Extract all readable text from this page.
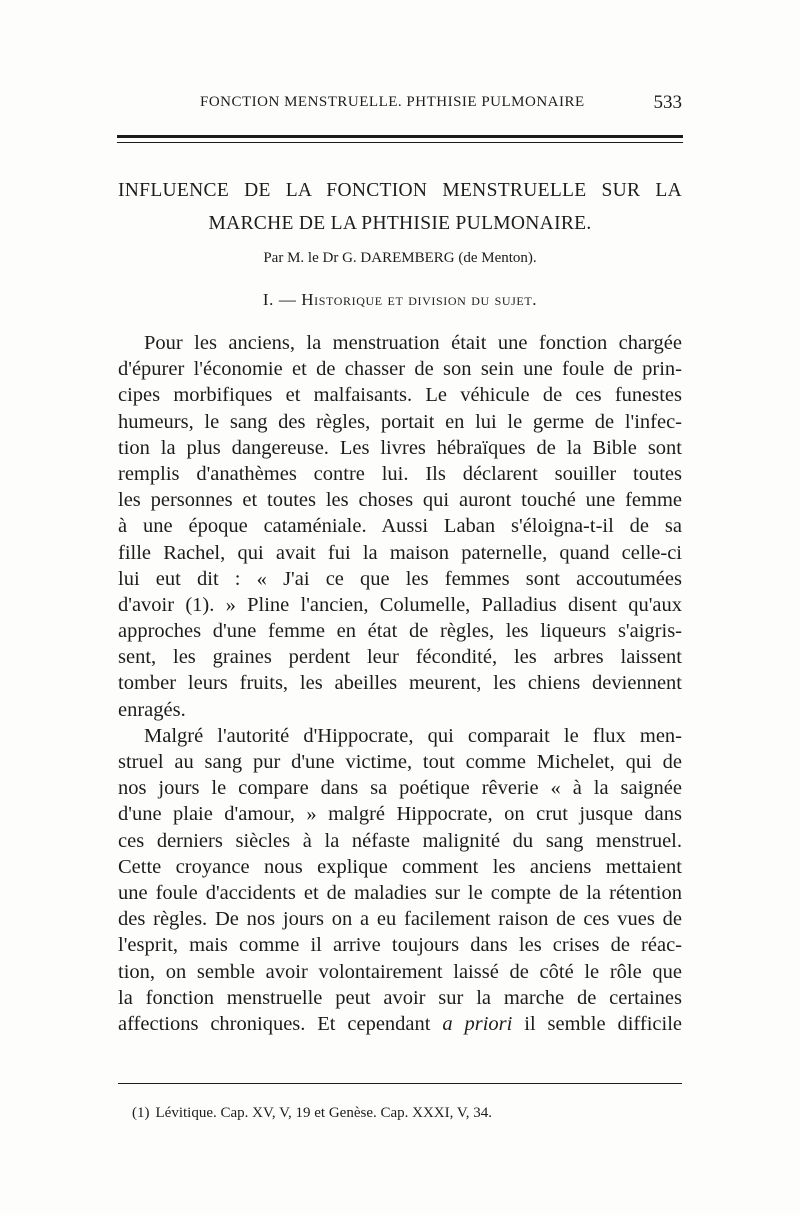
FONCTION MENSTRUELLE. PHTHISIE PULMONAIRE	533
INFLUENCE DE LA FONCTION MENSTRUELLE SUR LA
MARCHE DE LA PHTHISIE PULMONAIRE.
Par M. le Dr G. DAREMBERG (de Menton).
I. — Historique et division du sujet.
Pour les anciens, la menstruation était une fonction chargée
d'épurer l'économie et de chasser de son sein une foule de prin-
cipes morbifiques et malfaisants. Le véhicule de ces funestes
humeurs, le sang des règles, portait en lui le germe de l'infec-
tion la plus dangereuse. Les livres hébraïques de la Bible sont
remplis d'anathèmes contre lui. Ils déclarent souiller toutes
les personnes et toutes les choses qui auront touché une femme
à une époque cataméniale. Aussi Laban s'éloigna-t-il de sa
fille Rachel, qui avait fui la maison paternelle, quand celle-ci
lui eut dit : « J'ai ce que les femmes sont accoutumées
d'avoir (1). » Pline l'ancien, Columelle, Palladius disent qu'aux
approches d'une femme en état de règles, les liqueurs s'aigris-
sent, les graines perdent leur fécondité, les arbres laissent
tomber leurs fruits, les abeilles meurent, les chiens deviennent
enragés.
Malgré l'autorité d'Hippocrate, qui comparait le flux men-
struel au sang pur d'une victime, tout comme Michelet, qui de
nos jours le compare dans sa poétique rêverie « à la saignée
d'une plaie d'amour, » malgré Hippocrate, on crut jusque dans
ces derniers siècles à la néfaste malignité du sang menstruel.
Cette croyance nous explique comment les anciens mettaient
une foule d'accidents et de maladies sur le compte de la rétention
des règles. De nos jours on a eu facilement raison de ces vues de
l'esprit, mais comme il arrive toujours dans les crises de réac-
tion, on semble avoir volontairement laissé de côté le rôle que
la fonction menstruelle peut avoir sur la marche de certaines
affections chroniques. Et cependant a priori il semble difficile
(1) Lévitique. Cap. XV, V, 19 et Genèse. Cap. XXXI, V, 34.
